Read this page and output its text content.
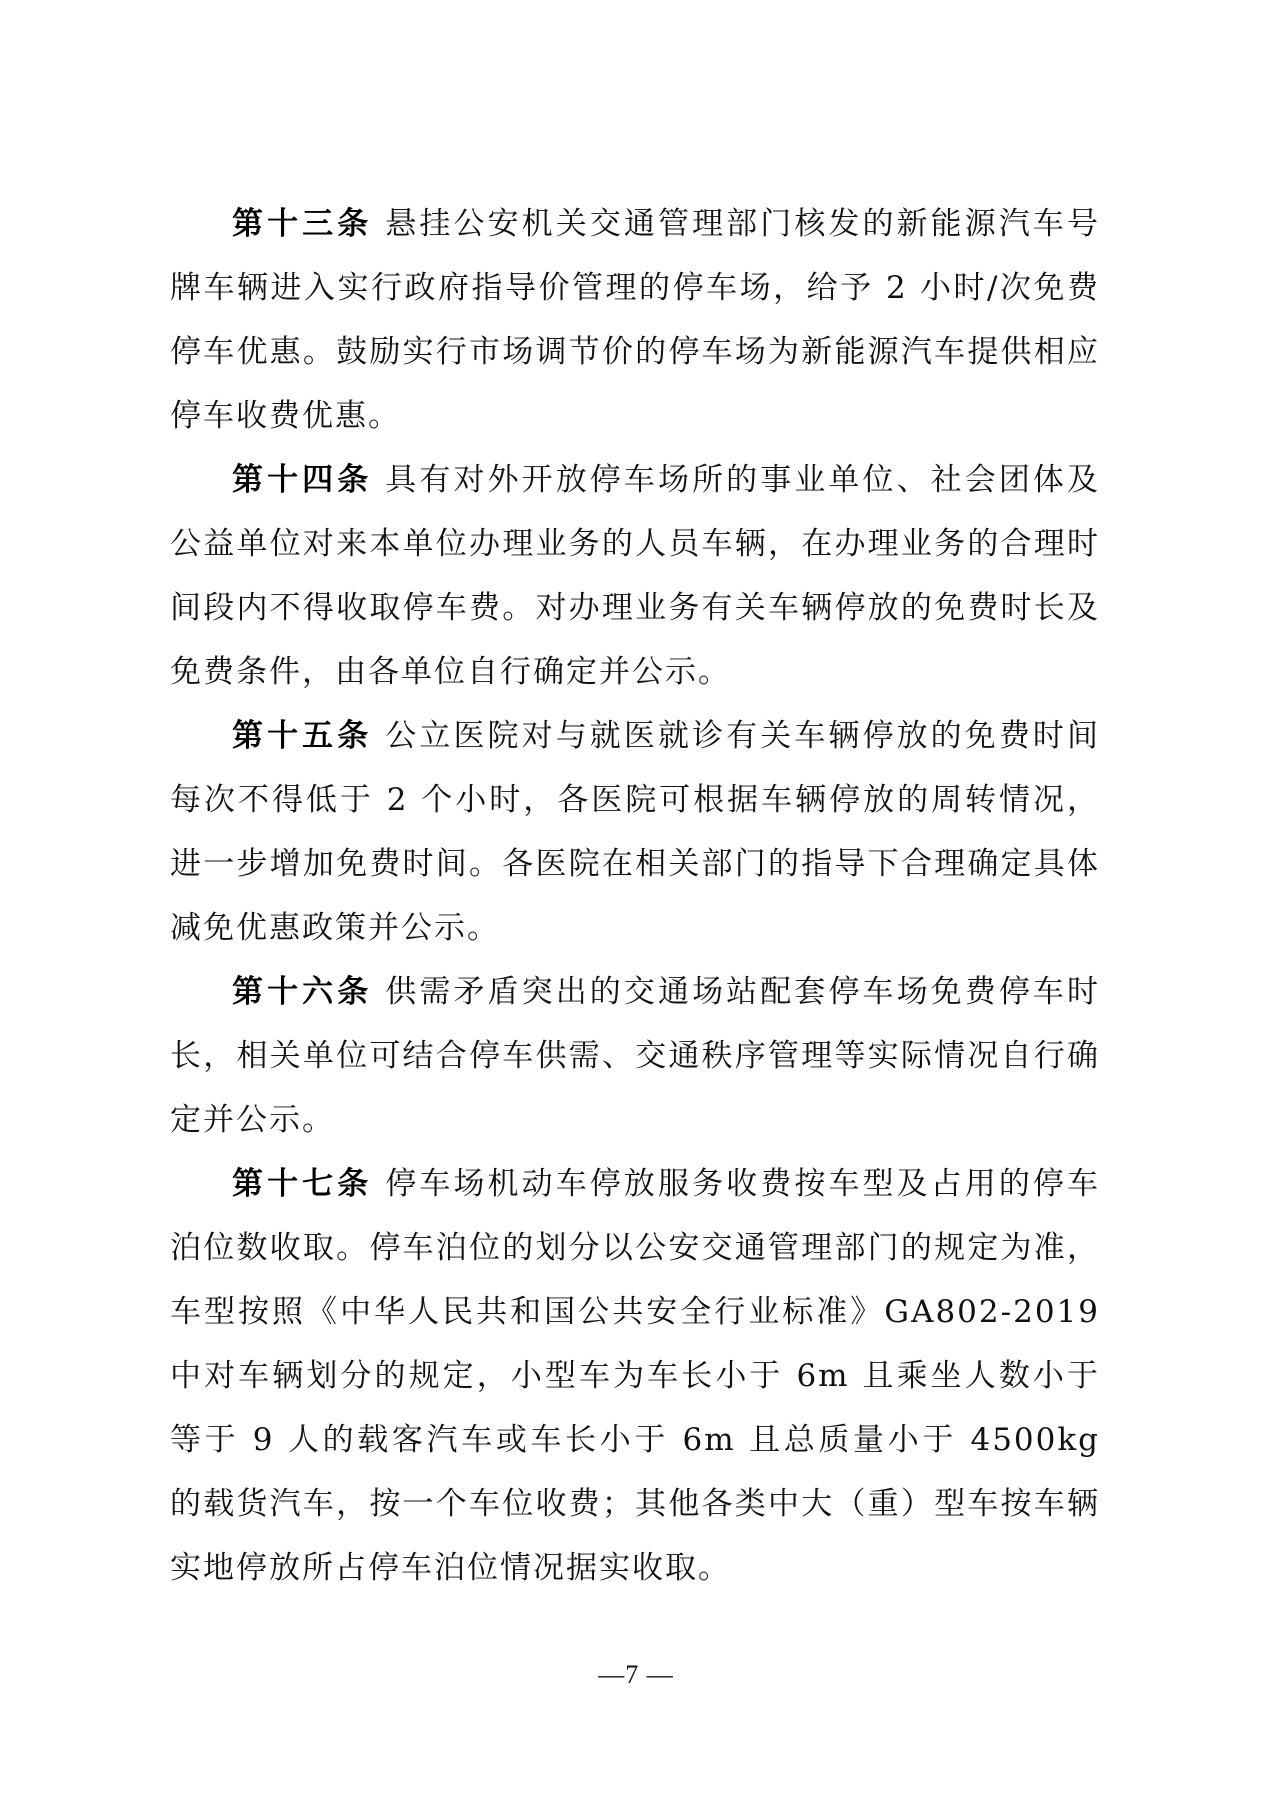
第十三条 悬挂公安机关交通管理部门核发的新能源汽车号牌车辆进入实行政府指导价管理的停车场，给予 2 小时/次免费停车优惠。鼓励实行市场调节价的停车场为新能源汽车提供相应停车收费优惠。

第十四条 具有对外开放停车场所的事业单位、社会团体及公益单位对来本单位办理业务的人员车辆，在办理业务的合理时间段内不得收取停车费。对办理业务有关车辆停放的免费时长及免费条件，由各单位自行确定并公示。

第十五条 公立医院对与就医就诊有关车辆停放的免费时间每次不得低于 2 个小时，各医院可根据车辆停放的周转情况，进一步增加免费时间。各医院在相关部门的指导下合理确定具体减免优惠政策并公示。

第十六条 供需矛盾突出的交通场站配套停车场免费停车时长，相关单位可结合停车供需、交通秩序管理等实际情况自行确定并公示。

第十七条 停车场机动车停放服务收费按车型及占用的停车泊位数收取。停车泊位的划分以公安交通管理部门的规定为准，车型按照《中华人民共和国公共安全行业标准》GA802-2019 中对车辆划分的规定，小型车为车长小于 6m 且乘坐人数小于等于 9 人的载客汽车或车长小于 6m 且总质量小于 4500kg 的载货汽车，按一个车位收费；其他各类中大（重）型车按车辆实地停放所占停车泊位情况据实收取。

—7 —
